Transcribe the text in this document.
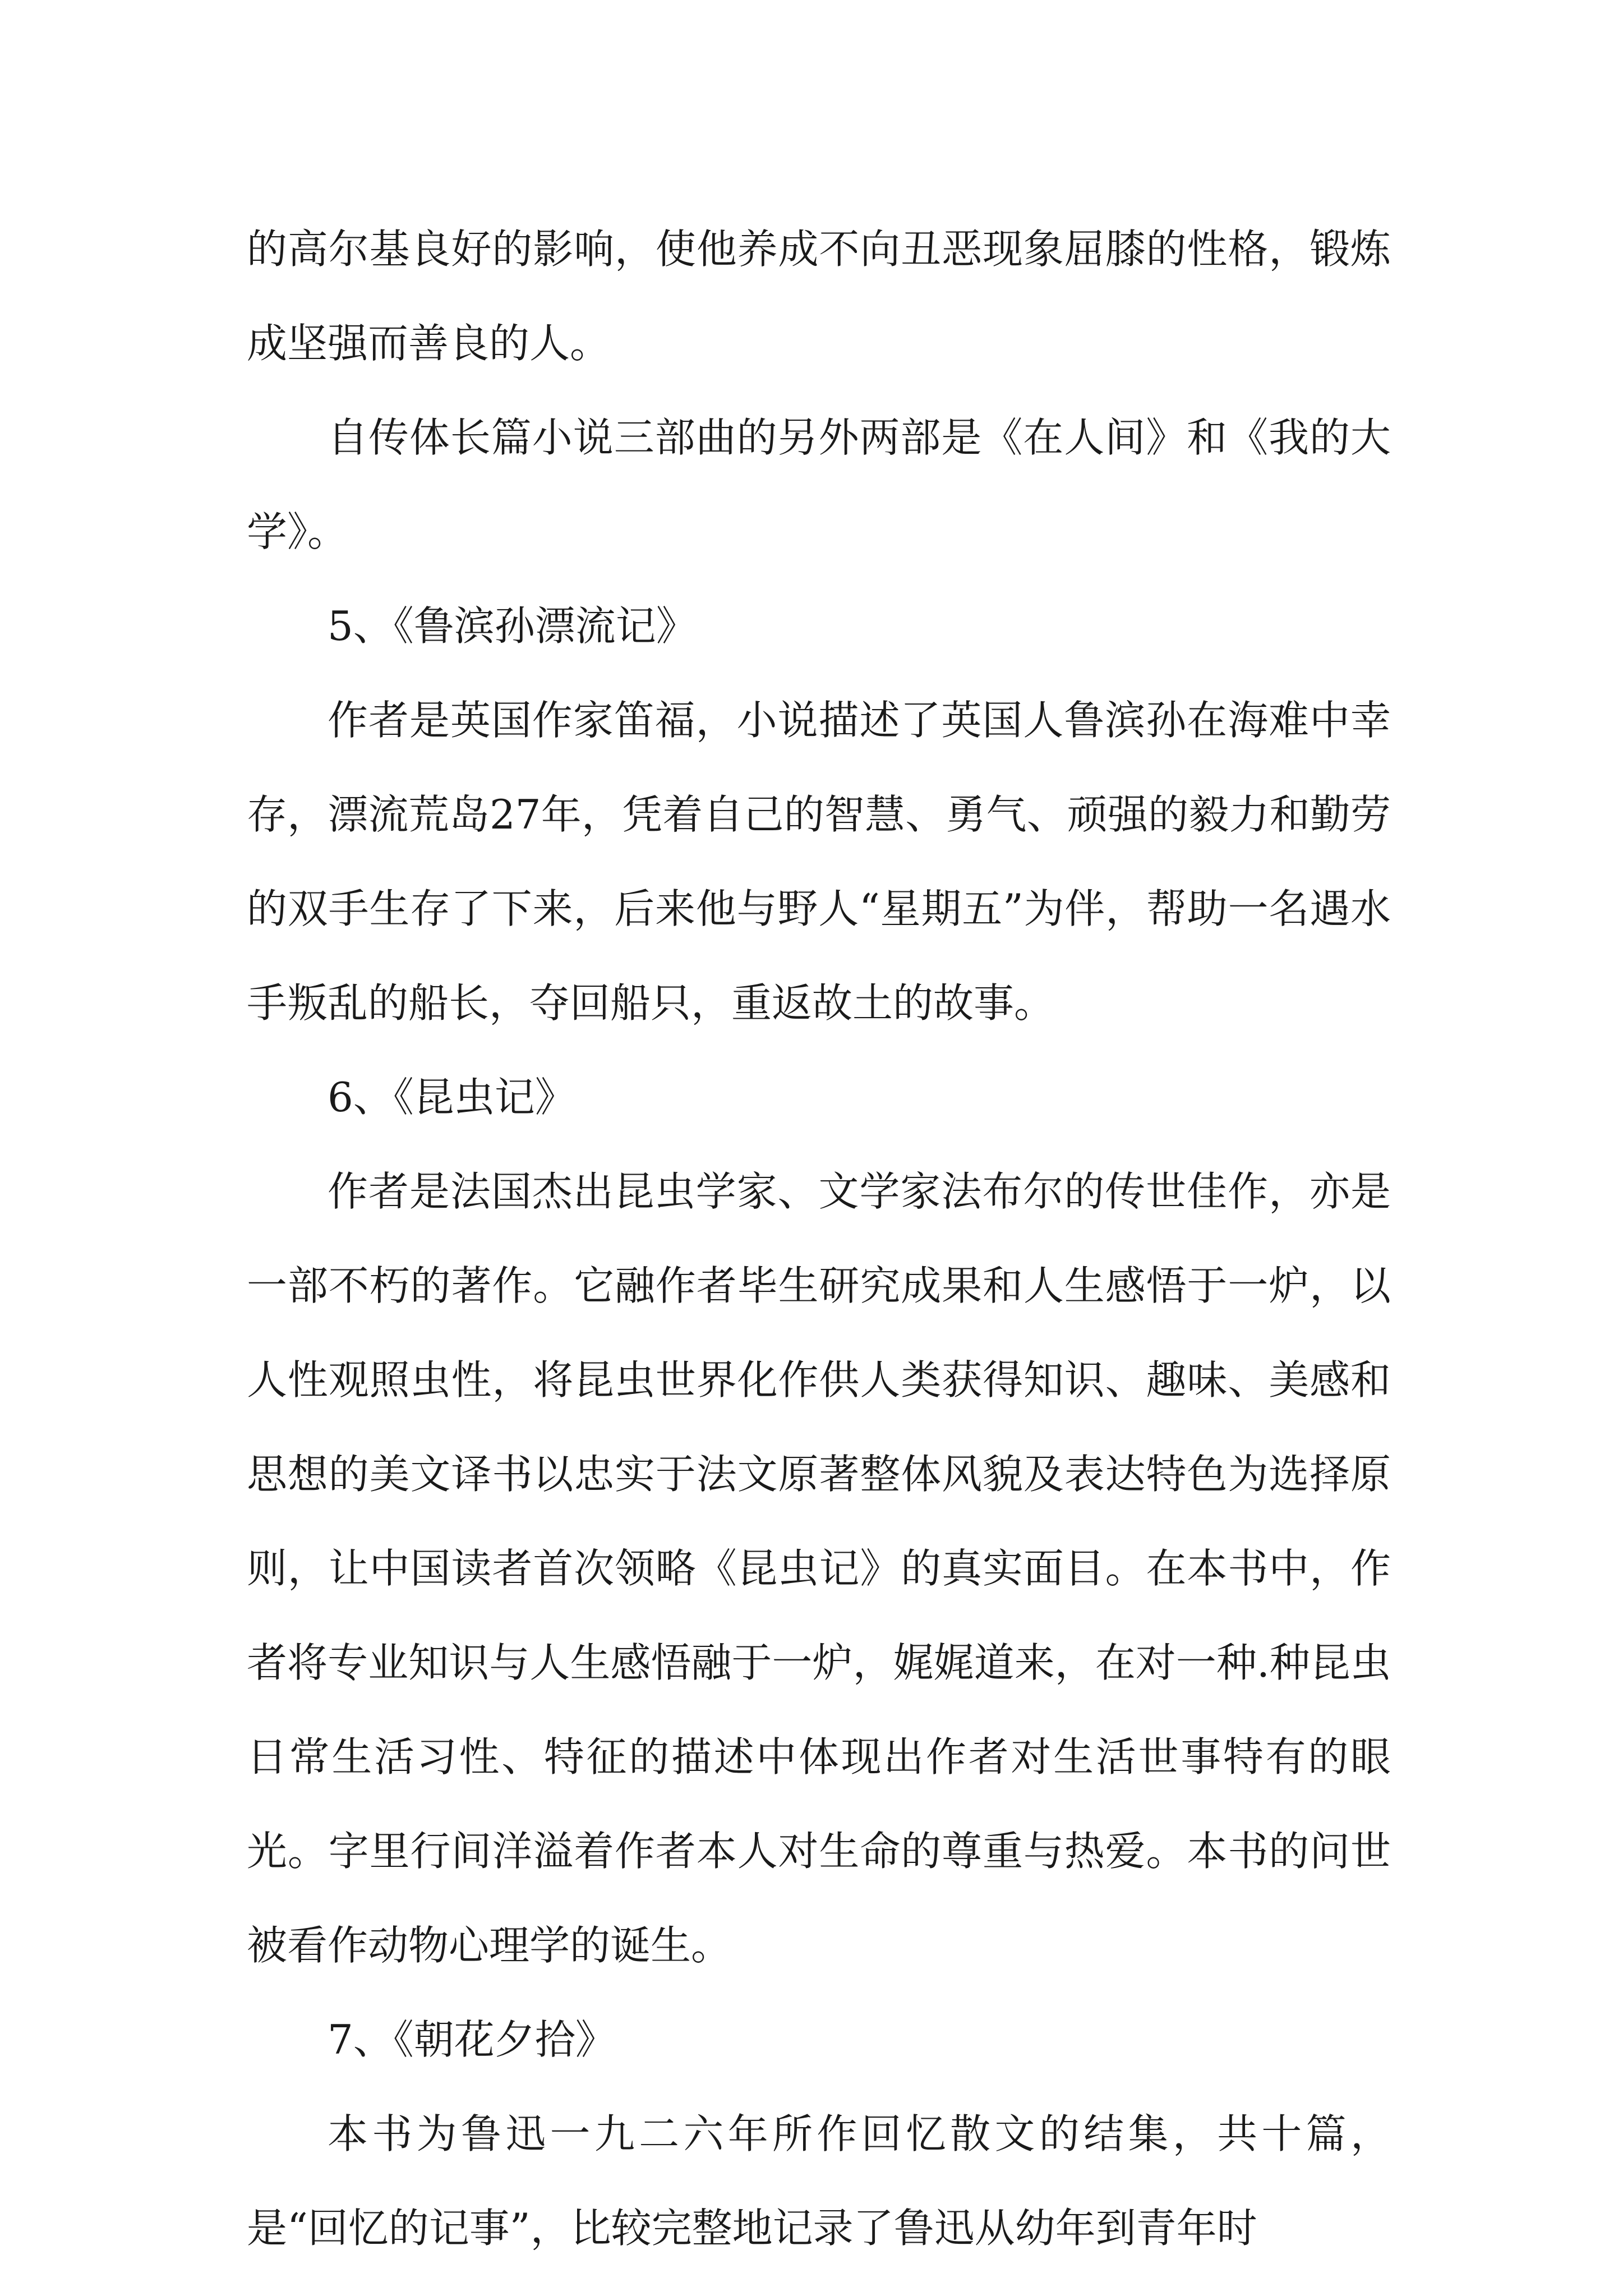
的高尔基良好的影响，使他养成不向丑恶现象屈膝的性格，锻炼成坚强而善良的人。

自传体长篇小说三部曲的另外两部是《在人间》和《我的大学》。

5、《鲁滨孙漂流记》

作者是英国作家笛福，小说描述了英国人鲁滨孙在海难中幸存，漂流荒岛27年，凭着自己的智慧、勇气、顽强的毅力和勤劳的双手生存了下来，后来他与野人“星期五”为伴，帮助一名遇水手叛乱的船长，夺回船只，重返故土的故事。

6、《昆虫记》

作者是法国杰出昆虫学家、文学家法布尔的传世佳作，亦是一部不朽的著作。它融作者毕生研究成果和人生感悟于一炉，以人性观照虫性，将昆虫世界化作供人类获得知识、趣味、美感和思想的美文译书以忠实于法文原著整体风貌及表达特色为选择原则，让中国读者首次领略《昆虫记》的真实面目。在本书中，作者将专业知识与人生感悟融于一炉，娓娓道来，在对一种.种昆虫日常生活习性、特征的描述中体现出作者对生活世事特有的眼光。字里行间洋溢着作者本人对生命的尊重与热爱。本书的问世被看作动物心理学的诞生。

7、《朝花夕拾》

本书为鲁迅一九二六年所作回忆散文的结集，共十篇，是“回忆的记事”，比较完整地记录了鲁迅从幼年到青年时
